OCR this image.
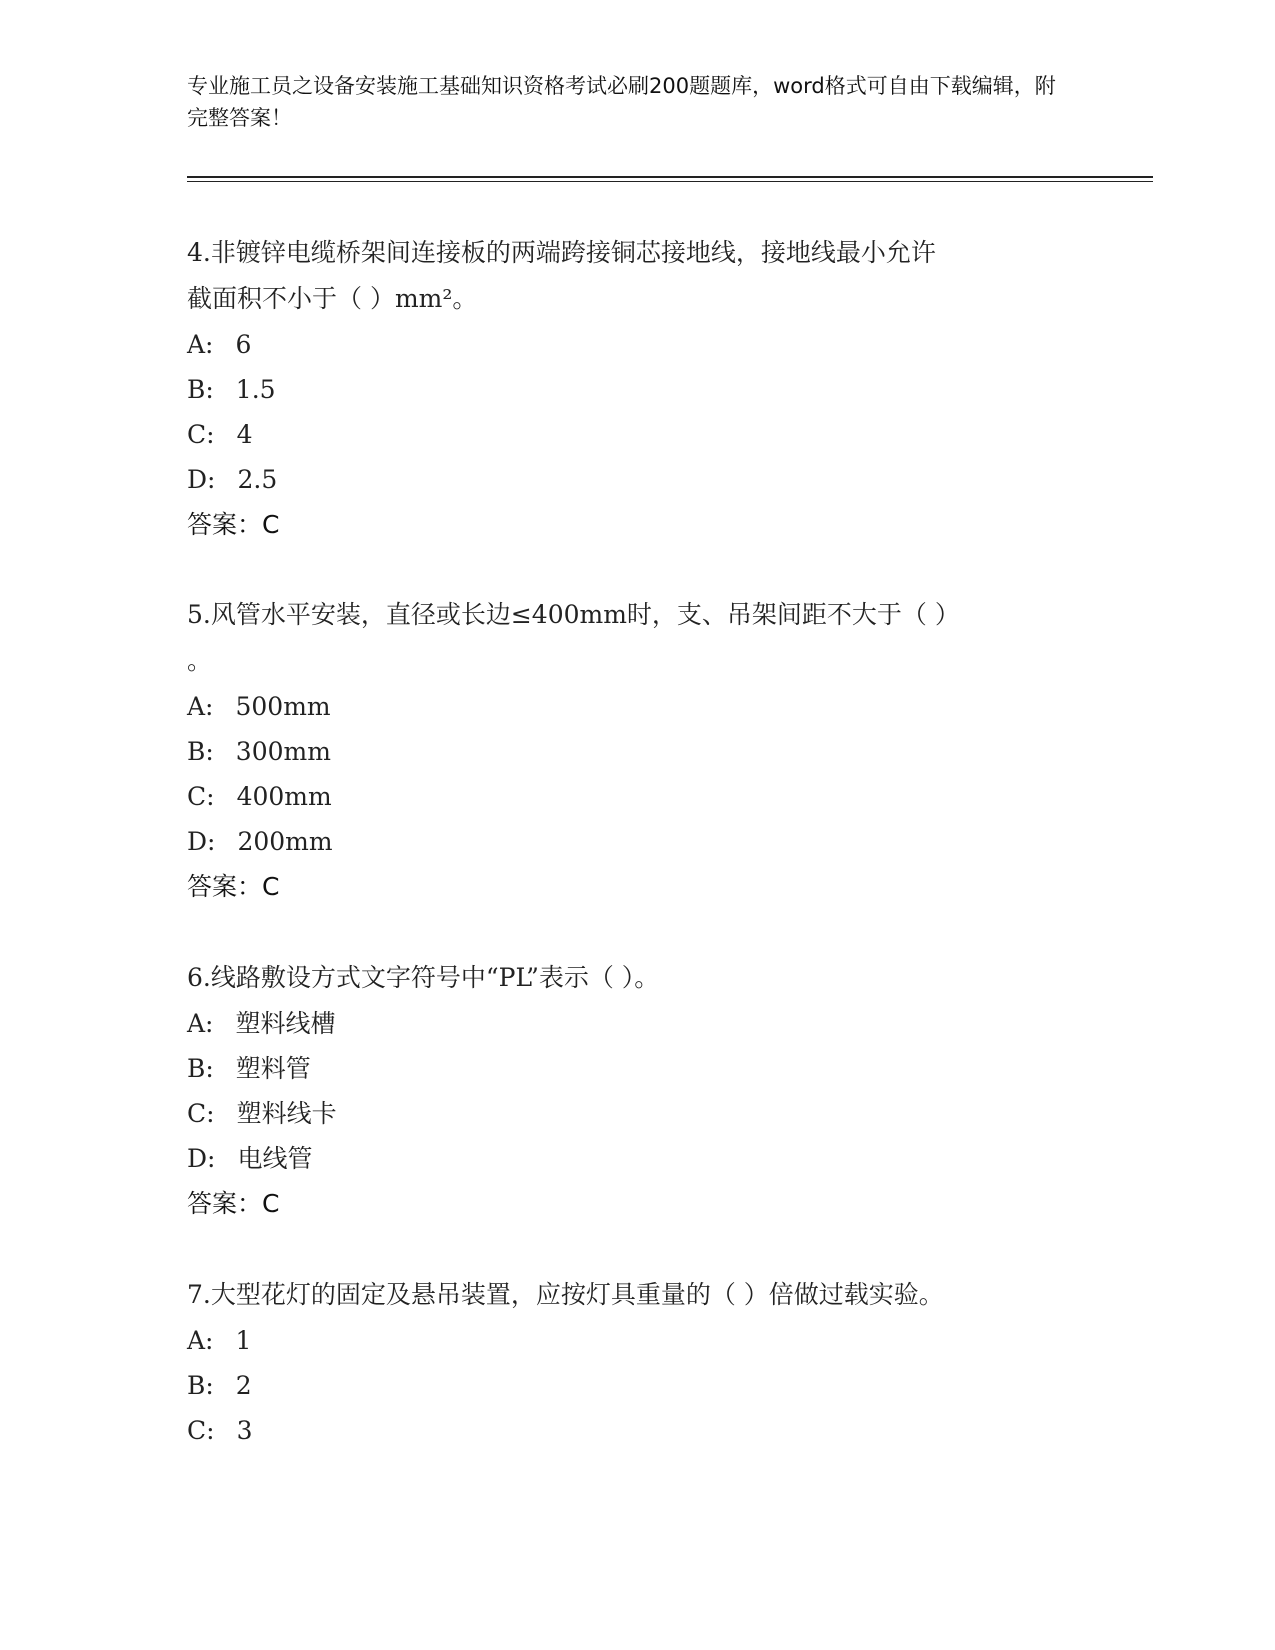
专业施工员之设备安装施工基础知识资格考试必刷200题题库，word格式可自由下载编辑，附完整答案！

4.非镀锌电缆桥架间连接板的两端跨接铜芯接地线，接地线最小允许

截面积不小于（ ）mm²。

A: 6
B: 1.5
C: 4
D: 2.5
答案：C

5.风管水平安装，直径或长边≤400mm时，支、吊架间距不大于（ ）

。

A: 500mm
B: 300mm
C: 400mm
D: 200mm
答案：C

6.线路敷设方式文字符号中“PL”表示（ ）。

A: 塑料线槽
B: 塑料管
C: 塑料线卡
D: 电线管
答案：C

7.大型花灯的固定及悬吊装置，应按灯具重量的（ ）倍做过载实验。

A: 1
B: 2
C: 3
